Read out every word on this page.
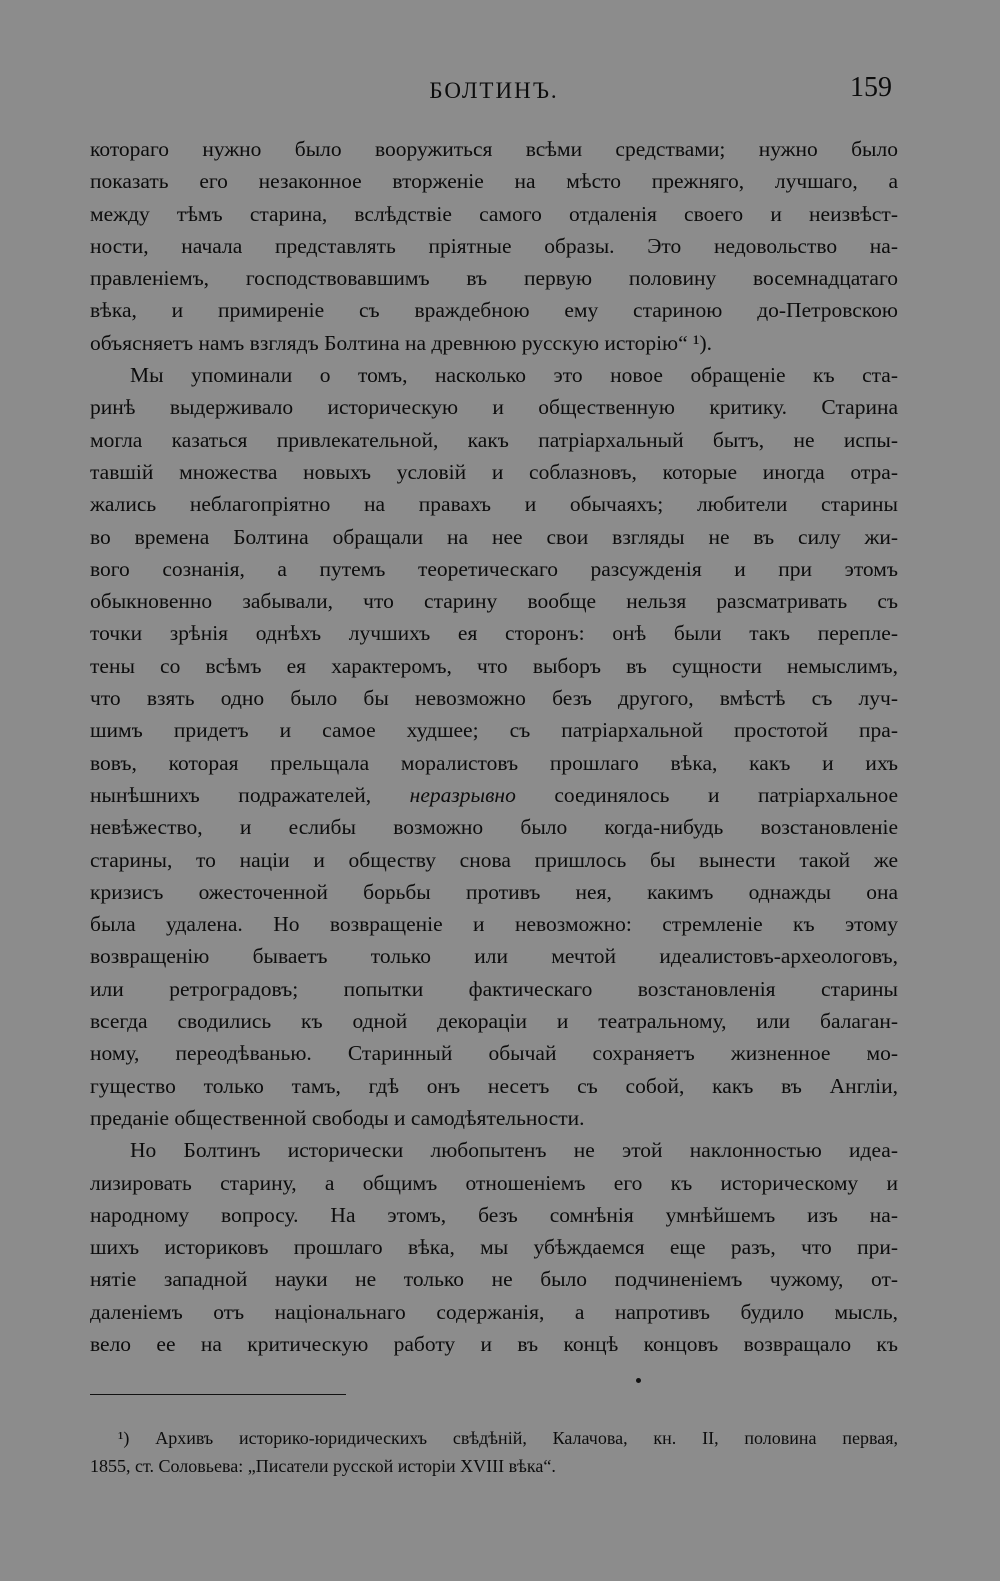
БОЛТИНЪ.	159
котораго нужно было вооружиться всѣми средствами; нужно было
показать его незаконное вторженіе на мѣсто прежняго, лучшаго, а
между тѣмъ старина, вслѣдствіе самого отдаленія своего и неизвѣст-
ности, начала представлять пріятные образы. Это недовольство на-
правленіемъ, господствовавшимъ въ первую половину восемнадцатаго
вѣка, и примиреніе съ враждебною ему стариною до-Петровскою
объясняетъ намъ взглядъ Болтина на древнюю русскую исторію“ ¹).
Мы упоминали о томъ, насколько это новое обращеніе къ ста-
ринѣ выдерживало историческую и общественную критику. Старина
могла казаться привлекательной, какъ патріархальный бытъ, не испы-
тавшій множества новыхъ условій и соблазновъ, которые иногда отра-
жались неблагопріятно на правахъ и обычаяхъ; любители старины
во времена Болтина обращали на нее свои взгляды не въ силу жи-
вого сознанія, а путемъ теоретическаго разсужденія и при этомъ
обыкновенно забывали, что старину вообще нельзя разсматривать съ
точки зрѣнія однѣхъ лучшихъ ея сторонъ: онѣ были такъ перепле-
тены со всѣмъ ея характеромъ, что выборъ въ сущности немыслимъ,
что взять одно было бы невозможно безъ другого, вмѣстѣ съ луч-
шимъ придетъ и самое худшее; съ патріархальной простотой пра-
вовъ, которая прельщала моралистовъ прошлаго вѣка, какъ и ихъ
нынѣшнихъ подражателей, неразрывно соединялось и патріархальное
невѣжество, и еслибы возможно было когда-нибудь возстановленіе
старины, то націи и обществу снова пришлось бы вынести такой же
кризисъ ожесточенной борьбы противъ нея, какимъ однажды она
была удалена. Но возвращеніе и невозможно: стремленіе къ этому
возвращенію бываетъ только или мечтой идеалистовъ-археологовъ,
или ретроградовъ; попытки фактическаго возстановленія старины
всегда сводились къ одной декораціи и театральному, или балаган-
ному, переодѣванью. Старинный обычай сохраняетъ жизненное мо-
гущество только тамъ, гдѣ онъ несетъ съ собой, какъ въ Англіи,
преданіе общественной свободы и самодѣятельности.
Но Болтинъ исторически любопытенъ не этой наклонностью идеа-
лизировать старину, а общимъ отношеніемъ его къ историческому и
народному вопросу. На этомъ, безъ сомнѣнія умнѣйшемъ изъ на-
шихъ историковъ прошлаго вѣка, мы убѣждаемся еще разъ, что при-
нятіе западной науки не только не было подчиненіемъ чужому, от-
даленіемъ отъ національнаго содержанія, а напротивъ будило мысль,
вело ее на критическую работу и въ концѣ концовъ возвращало къ
¹) Архивъ историко-юридическихъ свѣдѣній, Калачова, кн. II, половина первая,
1855, ст. Соловьева: „Писатели русской исторіи XVIII вѣка“.
